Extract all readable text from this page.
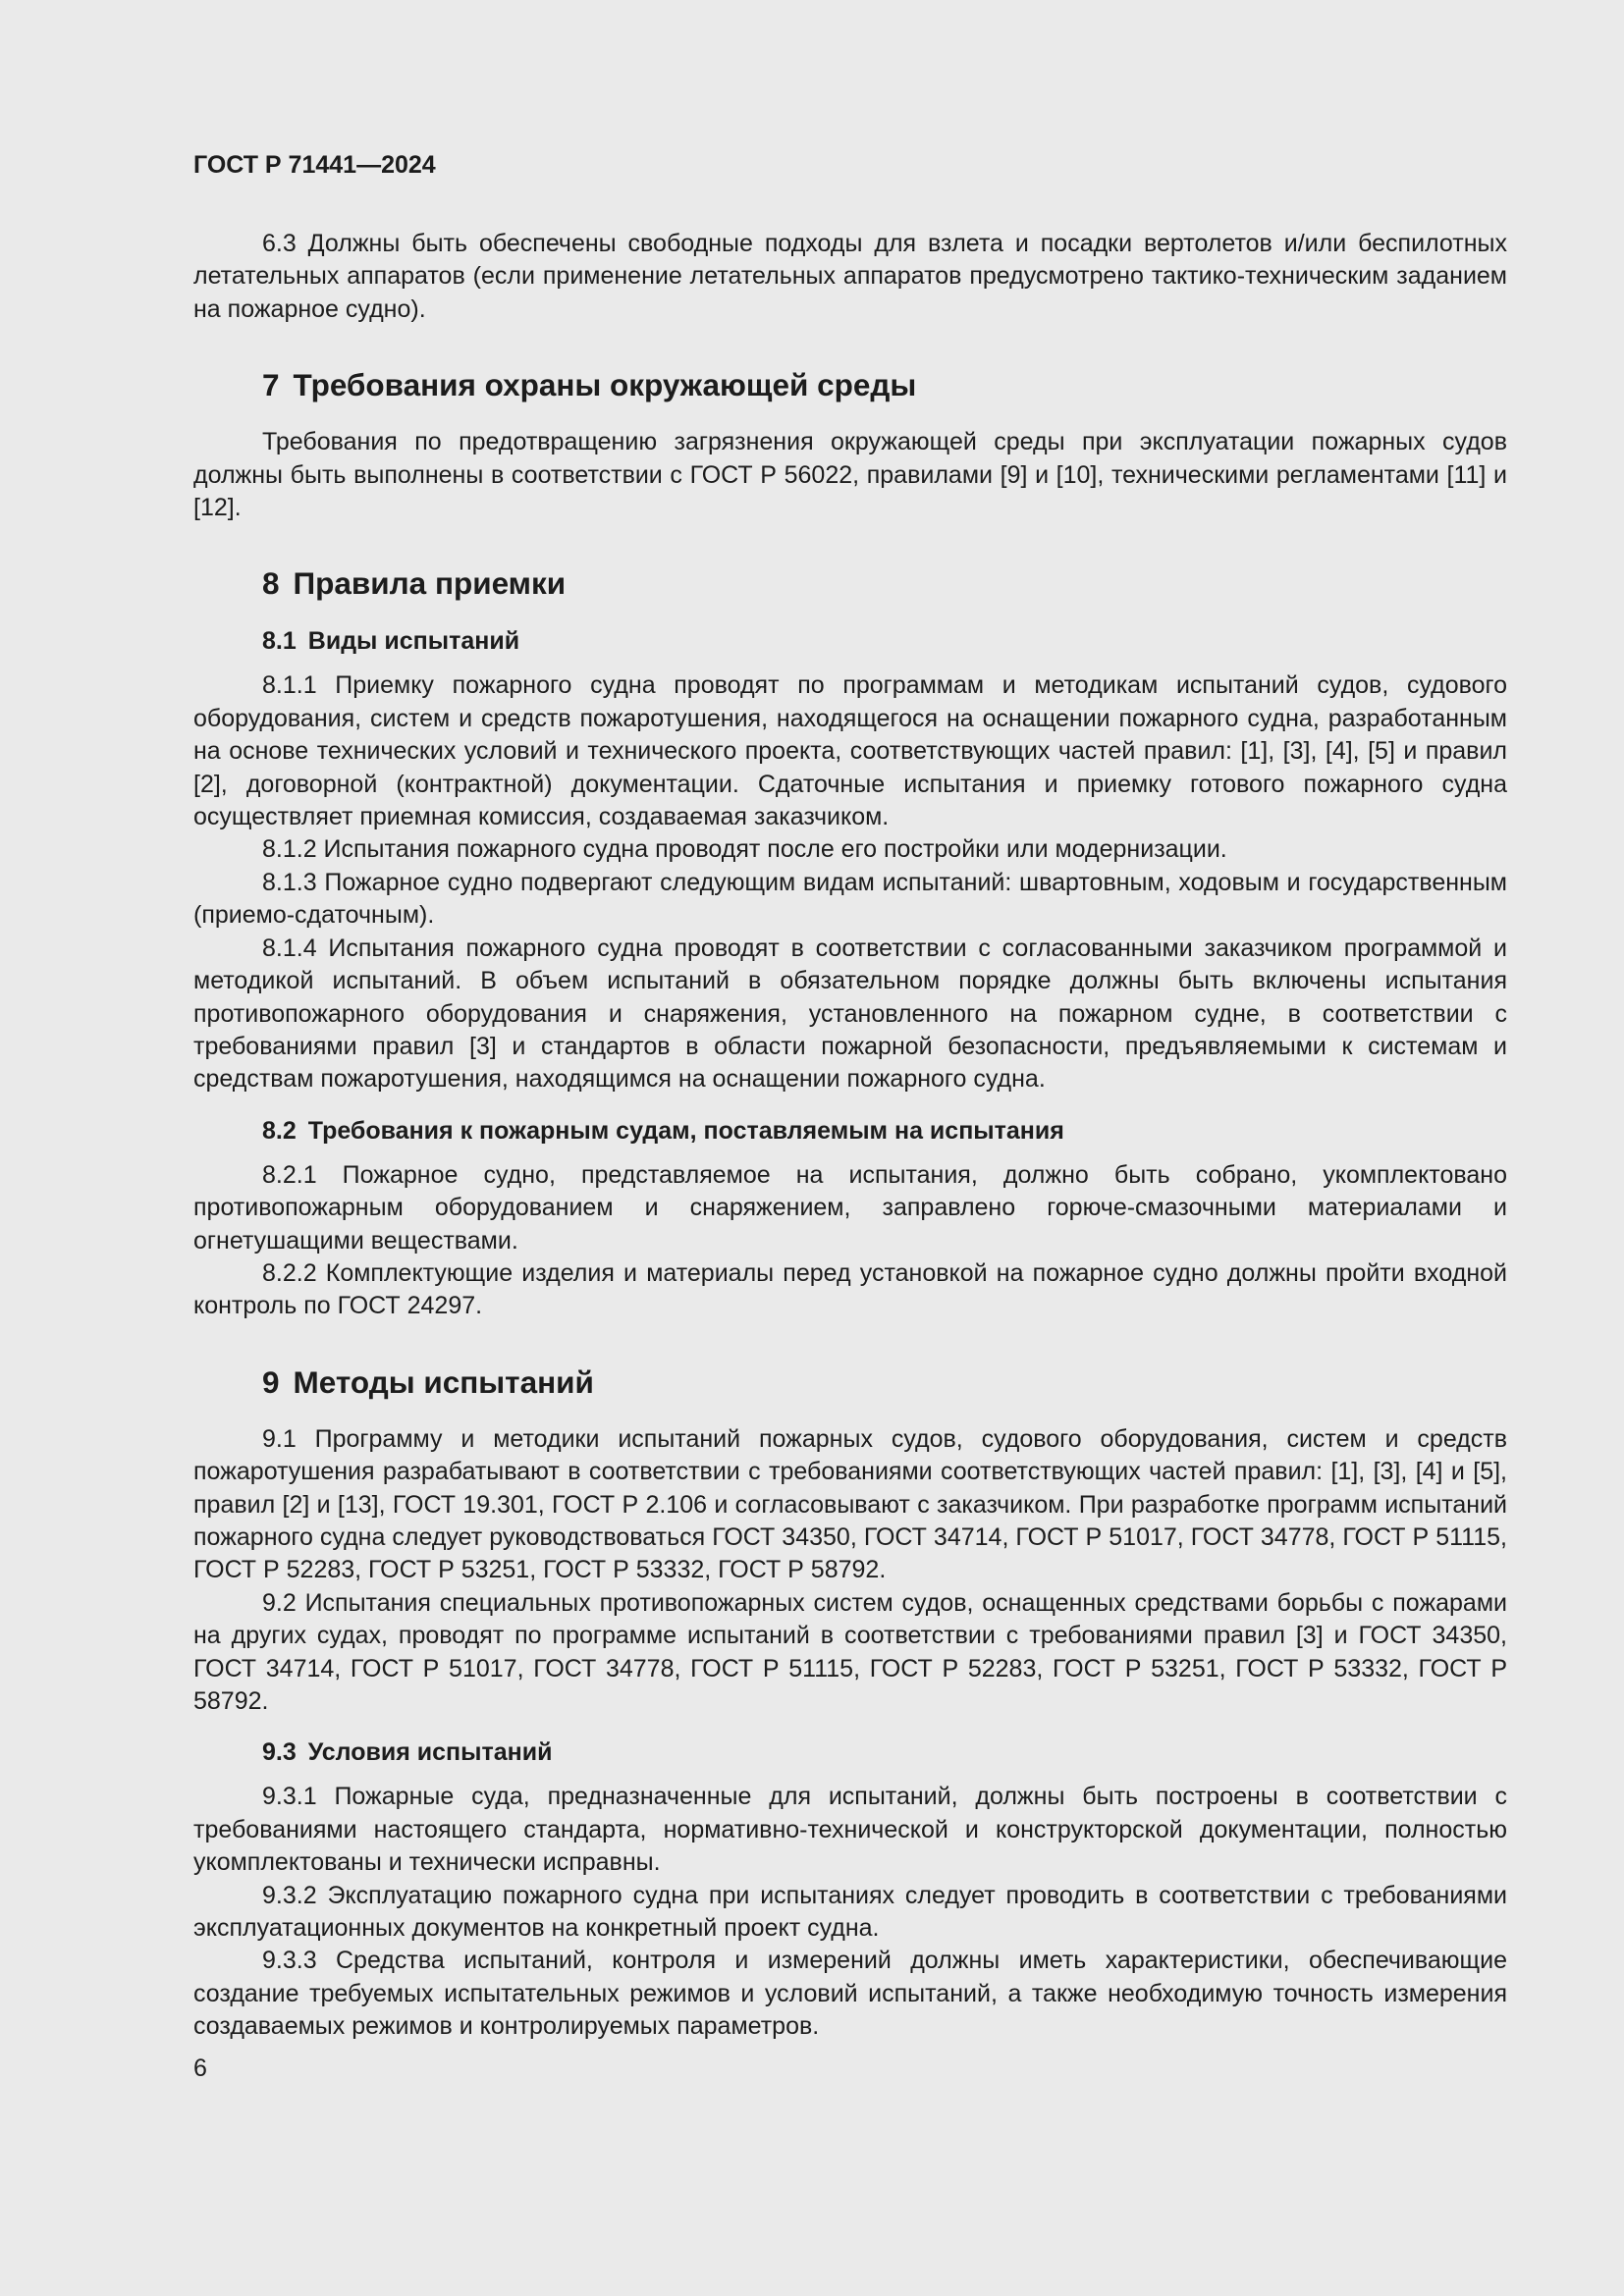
ГОСТ Р 71441—2024

6.3 Должны быть обеспечены свободные подходы для взлета и посадки вертолетов и/или беспилотных летательных аппаратов (если применение летательных аппаратов предусмотрено тактико-техническим заданием на пожарное судно).

7 Требования охраны окружающей среды

Требования по предотвращению загрязнения окружающей среды при эксплуатации пожарных судов должны быть выполнены в соответствии с ГОСТ Р 56022, правилами [9] и [10], техническими регламентами [11] и [12].

8 Правила приемки
8.1 Виды испытаний

8.1.1 Приемку пожарного судна проводят по программам и методикам испытаний судов, судового оборудования, систем и средств пожаротушения, находящегося на оснащении пожарного судна, разработанным на основе технических условий и технического проекта, соответствующих частей правил: [1], [3], [4], [5] и правил [2], договорной (контрактной) документации. Сдаточные испытания и приемку готового пожарного судна осуществляет приемная комиссия, создаваемая заказчиком.

8.1.2 Испытания пожарного судна проводят после его постройки или модернизации.

8.1.3 Пожарное судно подвергают следующим видам испытаний: швартовным, ходовым и государственным (приемо-сдаточным).

8.1.4 Испытания пожарного судна проводят в соответствии с согласованными заказчиком программой и методикой испытаний. В объем испытаний в обязательном порядке должны быть включены испытания противопожарного оборудования и снаряжения, установленного на пожарном судне, в соответствии с требованиями правил [3] и стандартов в области пожарной безопасности, предъявляемыми к системам и средствам пожаротушения, находящимся на оснащении пожарного судна.

8.2 Требования к пожарным судам, поставляемым на испытания

8.2.1 Пожарное судно, представляемое на испытания, должно быть собрано, укомплектовано противопожарным оборудованием и снаряжением, заправлено горюче-смазочными материалами и огнетушащими веществами.

8.2.2 Комплектующие изделия и материалы перед установкой на пожарное судно должны пройти входной контроль по ГОСТ 24297.

9 Методы испытаний

9.1 Программу и методики испытаний пожарных судов, судового оборудования, систем и средств пожаротушения разрабатывают в соответствии с требованиями соответствующих частей правил: [1], [3], [4] и [5], правил [2] и [13], ГОСТ 19.301, ГОСТ Р 2.106 и согласовывают с заказчиком. При разработке программ испытаний пожарного судна следует руководствоваться ГОСТ 34350, ГОСТ 34714, ГОСТ Р 51017, ГОСТ 34778, ГОСТ Р 51115, ГОСТ Р 52283, ГОСТ Р 53251, ГОСТ Р 53332, ГОСТ Р 58792.

9.2 Испытания специальных противопожарных систем судов, оснащенных средствами борьбы с пожарами на других судах, проводят по программе испытаний в соответствии с требованиями правил [3] и ГОСТ 34350, ГОСТ 34714, ГОСТ Р 51017, ГОСТ 34778, ГОСТ Р 51115, ГОСТ Р 52283, ГОСТ Р 53251, ГОСТ Р 53332, ГОСТ Р 58792.

9.3 Условия испытаний

9.3.1 Пожарные суда, предназначенные для испытаний, должны быть построены в соответствии с требованиями настоящего стандарта, нормативно-технической и конструкторской документации, полностью укомплектованы и технически исправны.

9.3.2 Эксплуатацию пожарного судна при испытаниях следует проводить в соответствии с требованиями эксплуатационных документов на конкретный проект судна.

9.3.3 Средства испытаний, контроля и измерений должны иметь характеристики, обеспечивающие создание требуемых испытательных режимов и условий испытаний, а также необходимую точность измерения создаваемых режимов и контролируемых параметров.

6
